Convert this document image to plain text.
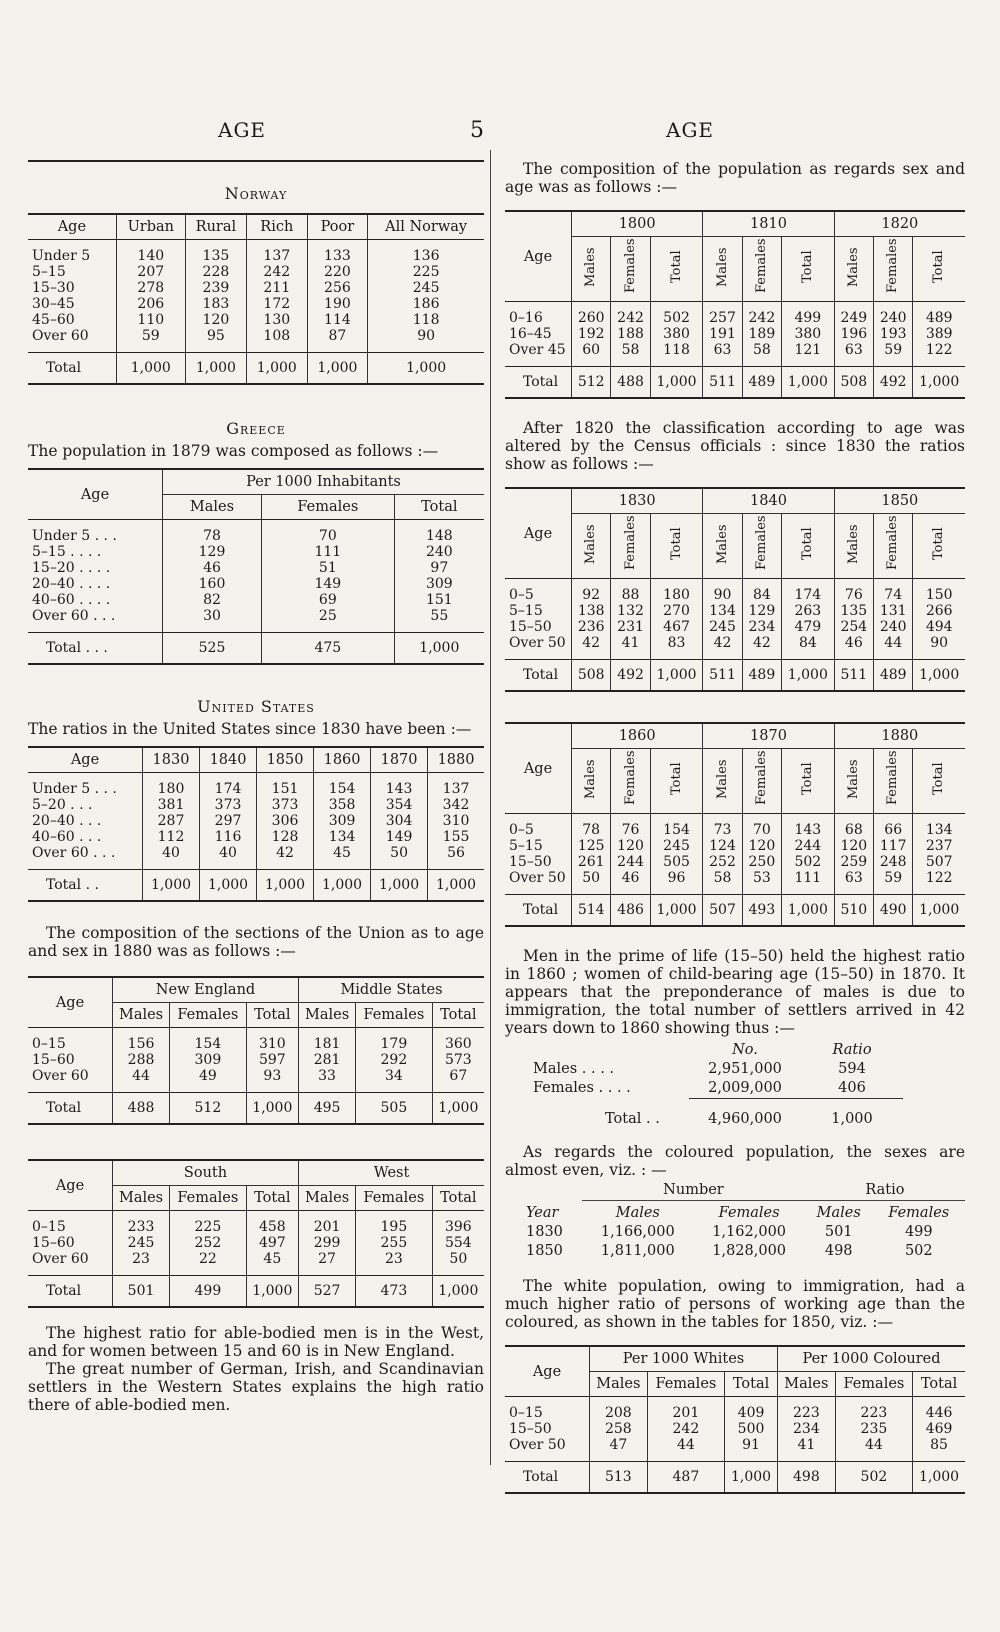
AGE	5	AGE
Norway
Age	Urban	Rural	Rich	Poor	All Norway
Under 5	140	135	137	133	136
5–15	207	228	242	220	225
15–30	278	239	211	256	245
30–45	206	183	172	190	186
45–60	110	120	130	114	118
Over 60	59	95	108	87	90
Total	1,000	1,000	1,000	1,000	1,000
Greece

The population in 1879 was composed as follows :—

Age	Per 1000 Inhabitants		
	Males	Females	Total
Under 5 . . .	78	70	148
5–15 . . . .	129	111	240
15–20 . . . .	46	51	97
20–40 . . . .	160	149	309
40–60 . . . .	82	69	151
Over 60 . . .	30	25	55
Total . . .	525	475	1,000
United States

The ratios in the United States since 1830 have been :—

Age	1830	1840	1850	1860	1870	1880
Under 5 . . .	180	174	151	154	143	137
5–20 . . .	381	373	373	358	354	342
20–40 . . .	287	297	306	309	304	310
40–60 . . .	112	116	128	134	149	155
Over 60 . . .	40	40	42	45	50	56
Total . .	1,000	1,000	1,000	1,000	1,000	1,000

The composition of the sections of the Union as to age and sex in 1880 was as follows :—

Age	New England			Middle States		
	Males	Females	Total	Males	Females	Total
0–15	156	154	310	181	179	360
15–60	288	309	597	281	292	573
Over 60	44	49	93	33	34	67
Total	488	512	1,000	495	505	1,000
Age	South			West		
	Males	Females	Total	Males	Females	Total
0–15	233	225	458	201	195	396
15–60	245	252	497	299	255	554
Over 60	23	22	45	27	23	50
Total	501	499	1,000	527	473	1,000

The highest ratio for able-bodied men is in the West, and for women between 15 and 60 is in New England.

The great number of German, Irish, and Scandinavian settlers in the Western States explains the high ratio there of able-bodied men.

The composition of the population as regards sex and age was as follows :—

Age	1800			1810			1820		
	Males	Females	Total	Males	Females	Total	Males	Females	Total
0–16	260	242	502	257	242	499	249	240	489
16–45	192	188	380	191	189	380	196	193	389
Over 45	60	58	118	63	58	121	63	59	122
Total	512	488	1,000	511	489	1,000	508	492	1,000

After 1820 the classification according to age was altered by the Census officials : since 1830 the ratios show as follows :—

Age	1830			1840			1850		
	Males	Females	Total	Males	Females	Total	Males	Females	Total
0–5	92	88	180	90	84	174	76	74	150
5–15	138	132	270	134	129	263	135	131	266
15–50	236	231	467	245	234	479	254	240	494
Over 50	42	41	83	42	42	84	46	44	90
Total	508	492	1,000	511	489	1,000	511	489	1,000
Age	1860			1870			1880		
	Males	Females	Total	Males	Females	Total	Males	Females	Total
0–5	78	76	154	73	70	143	68	66	134
5–15	125	120	245	124	120	244	120	117	237
15–50	261	244	505	252	250	502	259	248	507
Over 50	50	46	96	58	53	111	63	59	122
Total	514	486	1,000	507	493	1,000	510	490	1,000

Men in the prime of life (15–50) held the highest ratio in 1860 ; women of child-bearing age (15–50) in 1870. It appears that the preponderance of males is due to immigration, the total number of settlers arrived in 42 years down to 1860 showing thus :—

	No.	Ratio
Males . . . .	2,951,000	594
Females . . . .	2,009,000	406
Total . .	4,960,000	1,000

As regards the coloured population, the sexes are almost even, viz. : —

	Number		Ratio	
Year	Males	Females	Males	Females
1830	1,166,000	1,162,000	501	499
1850	1,811,000	1,828,000	498	502

The white population, owing to immigration, had a much higher ratio of persons of working age than the coloured, as shown in the tables for 1850, viz. :—

Age	Per 1000 Whites			Per 1000 Coloured		
	Males	Females	Total	Males	Females	Total
0–15	208	201	409	223	223	446
15–50	258	242	500	234	235	469
Over 50	47	44	91	41	44	85
Total	513	487	1,000	498	502	1,000
